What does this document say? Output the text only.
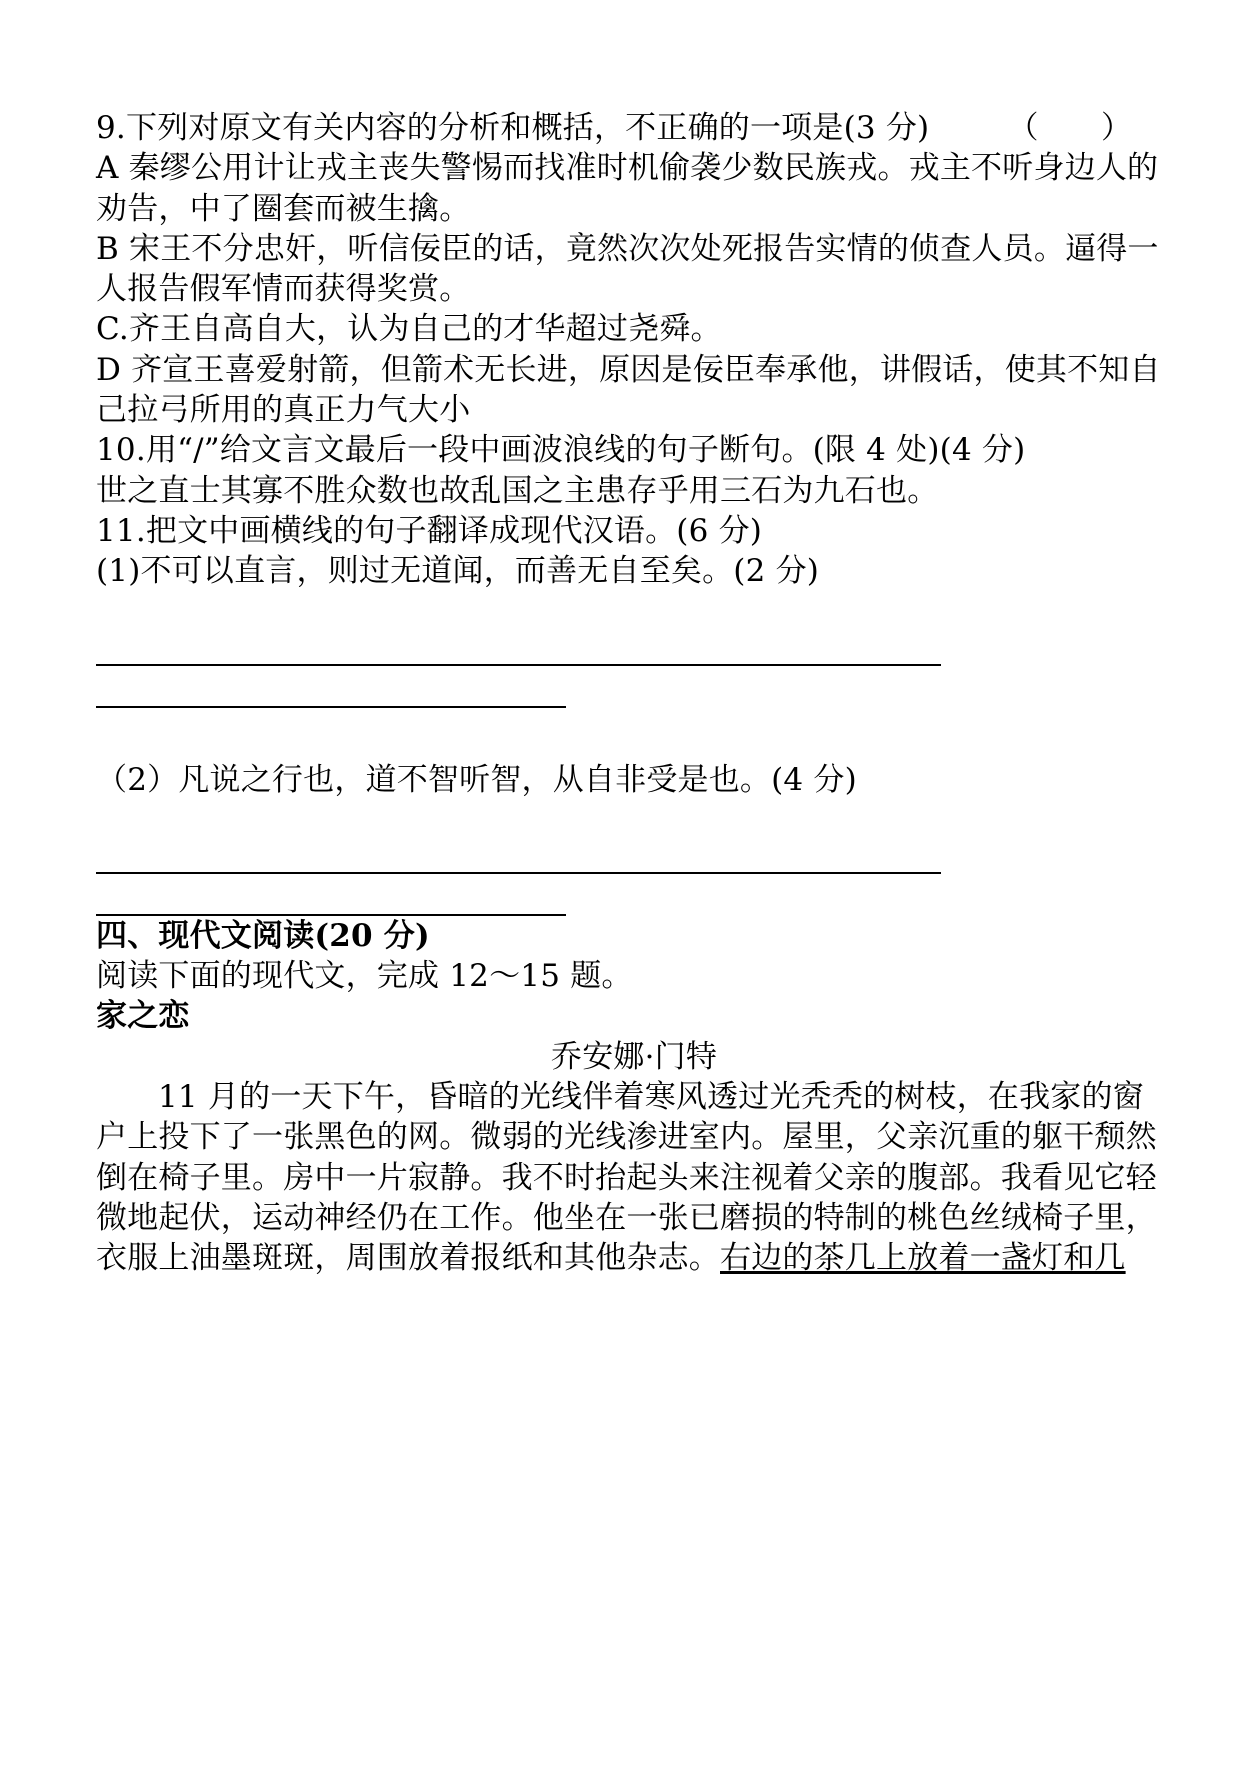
9.下列对原文有关内容的分析和概括，不正确的一项是(3 分)　　　（　　）

A 秦缪公用计让戎主丧失警惕而找准时机偷袭少数民族戎。戎主不听身边人的劝告，中了圈套而被生擒。

B 宋王不分忠奸，听信佞臣的话，竟然次次处死报告实情的侦查人员。逼得一人报告假军情而获得奖赏。

C.齐王自高自大，认为自己的才华超过尧舜。

D 齐宣王喜爱射箭，但箭术无长进，原因是佞臣奉承他，讲假话，使其不知自己拉弓所用的真正力气大小

10.用“/”给文言文最后一段中画波浪线的句子断句。(限 4 处)(4 分)

世之直士其寡不胜众数也故乱国之主患存乎用三石为九石也。

11.把文中画横线的句子翻译成现代汉语。(6 分)

(1)不可以直言，则过无道闻，而善无自至矣。(2 分)

（2）凡说之行也，道不智听智，从自非受是也。(4 分)

四、现代文阅读(20 分)

阅读下面的现代文，完成 12～15 题。

家之恋

乔安娜·门特

11 月的一天下午，昏暗的光线伴着寒风透过光秃秃的树枝，在我家的窗户上投下了一张黑色的网。微弱的光线渗进室内。屋里，父亲沉重的躯干颓然倒在椅子里。房中一片寂静。我不时抬起头来注视着父亲的腹部。我看见它轻微地起伏，运动神经仍在工作。他坐在一张已磨损的特制的桃色丝绒椅子里，衣服上油墨斑斑，周围放着报纸和其他杂志。右边的茶几上放着一盏灯和几
